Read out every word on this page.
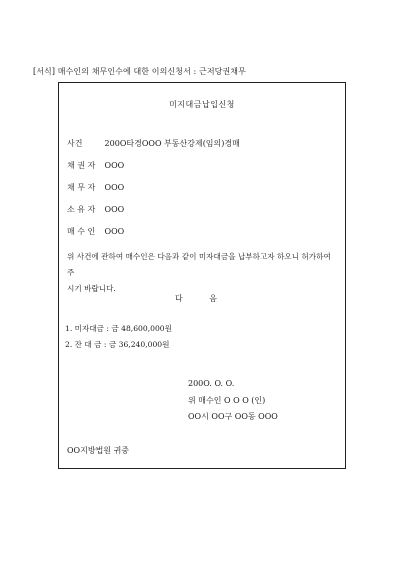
[서식] 매수인의 채무인수에 대한 이의신청서 : 근저당권채무
미지대금납입신청
사건	200O타경OOO 부동산강제(임의)경매
채 권 자 OOO
채 무 자 OOO
소 유 자 OOO
매 수 인 OOO
위 사건에 관하여 매수인은 다음과 같이 미자대금을 납부하고자 하오니 허가하여 주
시기 바랍니다.
다 음
1. 미자대금 : 금 48,600,000원
2. 잔 대 금 : 금 36,240,000원
200O. O. O.
위 매수인 O O O (인)
OO시 OO구 OO동 OOO
OO지방법원 귀중
